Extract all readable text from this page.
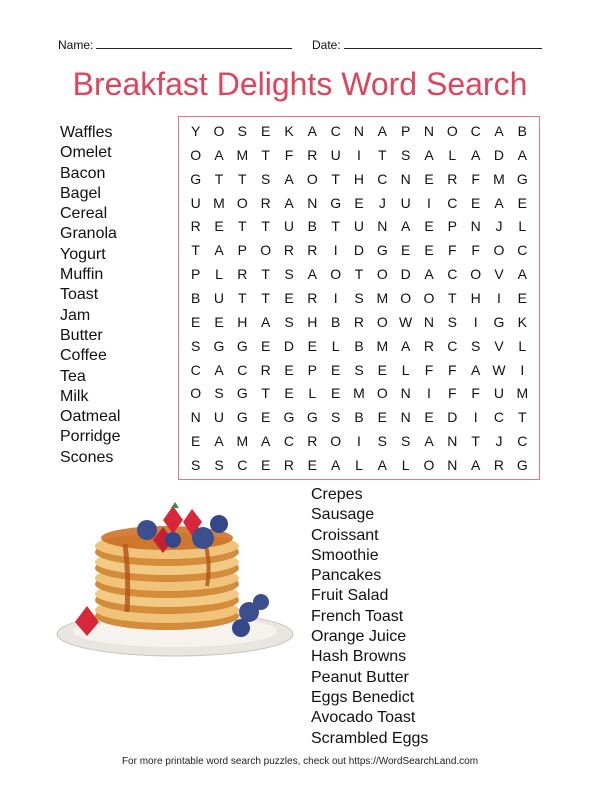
Name:	Date:
Breakfast Delights Word Search
Waffles
Omelet
Bacon
Bagel
Cereal
Granola
Yogurt
Muffin
Toast
Jam
Butter
Coffee
Tea
Milk
Oatmeal
Porridge
Scones
Crepes
Sausage
Croissant
Smoothie
Pancakes
Fruit Salad
French Toast
Orange Juice
Hash Browns
Peanut Butter
Eggs Benedict
Avocado Toast
Scrambled Eggs
Y O S E K	A C N A P N O C A	B
O A M T	F	R U	I	T	S A	L	A D A
G T	T	S A O T H C N E R F M G
U M O R A N G E	J	U	I	C E A	E
R E	T	T U B	T U N A E	P N	J	L
T	A	P O R R	I	D G E E	F	F O C
P	L	R T	S	A O T O D A C O V	A
B U	T	T	E R	I	S M O O T H	I	E
E E H A S H B R O W N S	I	G K
S G G E D E	L	B M A R C S V	L
C A C R E	P E S	E	L	F	F	A W	I
O S G T	E	L	E M O N	I	F	F U M
N U G E G G S B	E N E D	I	C	T
E A M A C R O	I	S S A N T	J	C
S S C E R E A	L	A	L O N A R G
For more printable word search puzzles, check out https://WordSearchLand.com
